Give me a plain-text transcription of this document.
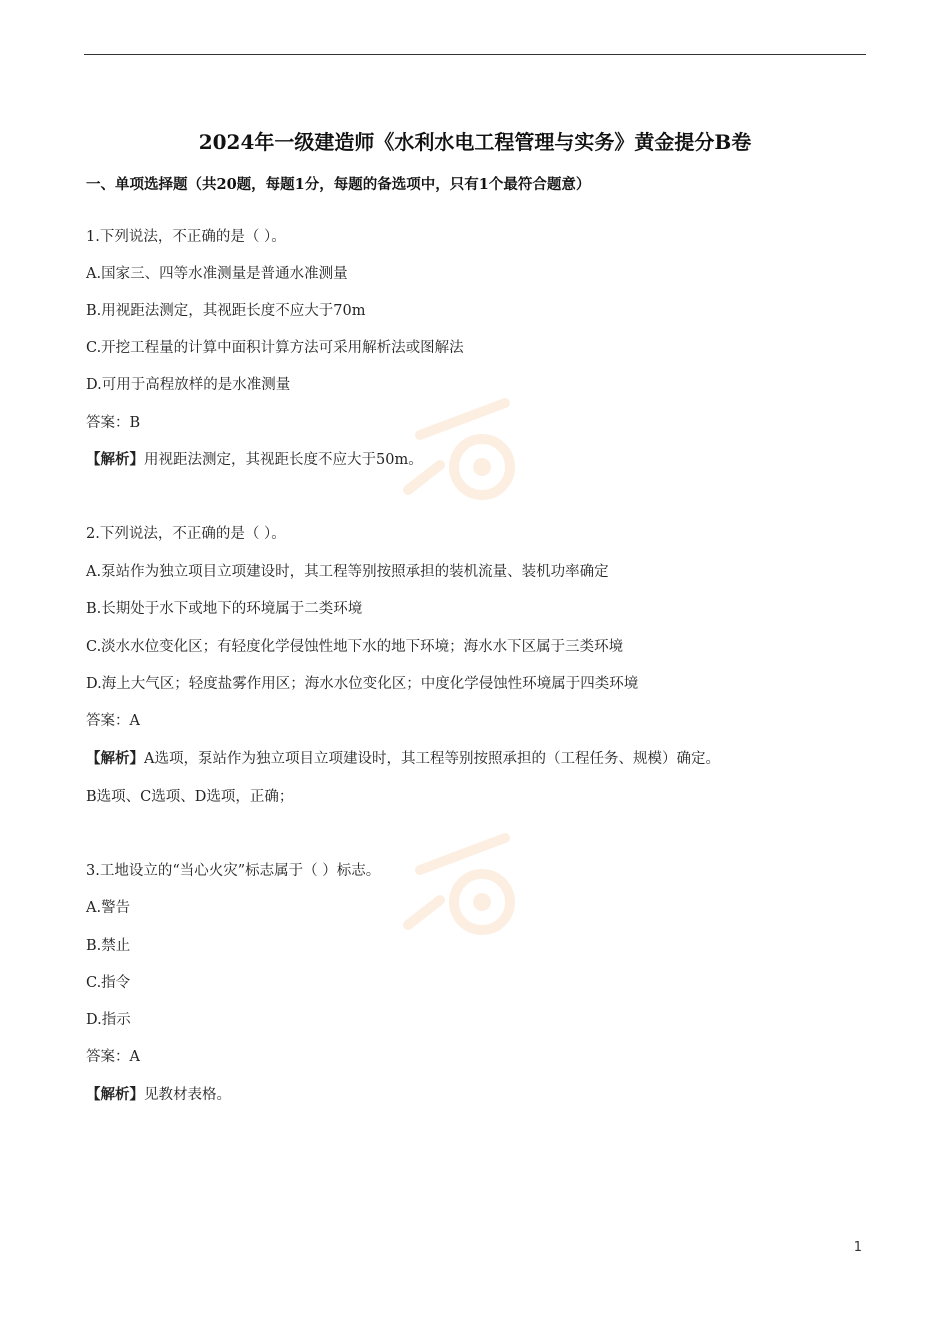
2024年一级建造师《水利水电工程管理与实务》黄金提分B卷
一、单项选择题（共20题，每题1分，每题的备选项中，只有1个最符合题意）
1.下列说法，不正确的是（ ）。
A.国家三、四等水准测量是普通水准测量
B.用视距法测定，其视距长度不应大于70m
C.开挖工程量的计算中面积计算方法可采用解析法或图解法
D.可用于高程放样的是水准测量
答案：B
【解析】用视距法测定，其视距长度不应大于50m。
2.下列说法，不正确的是（ ）。
A.泵站作为独立项目立项建设时，其工程等别按照承担的装机流量、装机功率确定
B.长期处于水下或地下的环境属于二类环境
C.淡水水位变化区；有轻度化学侵蚀性地下水的地下环境；海水水下区属于三类环境
D.海上大气区；轻度盐雾作用区；海水水位变化区；中度化学侵蚀性环境属于四类环境
答案：A
【解析】A选项，泵站作为独立项目立项建设时，其工程等别按照承担的（工程任务、规模）确定。
B选项、C选项、D选项，正确；
3.工地设立的“当心火灾”标志属于（ ）标志。
A.警告
B.禁止
C.指令
D.指示
答案：A
【解析】见教材表格。
1
